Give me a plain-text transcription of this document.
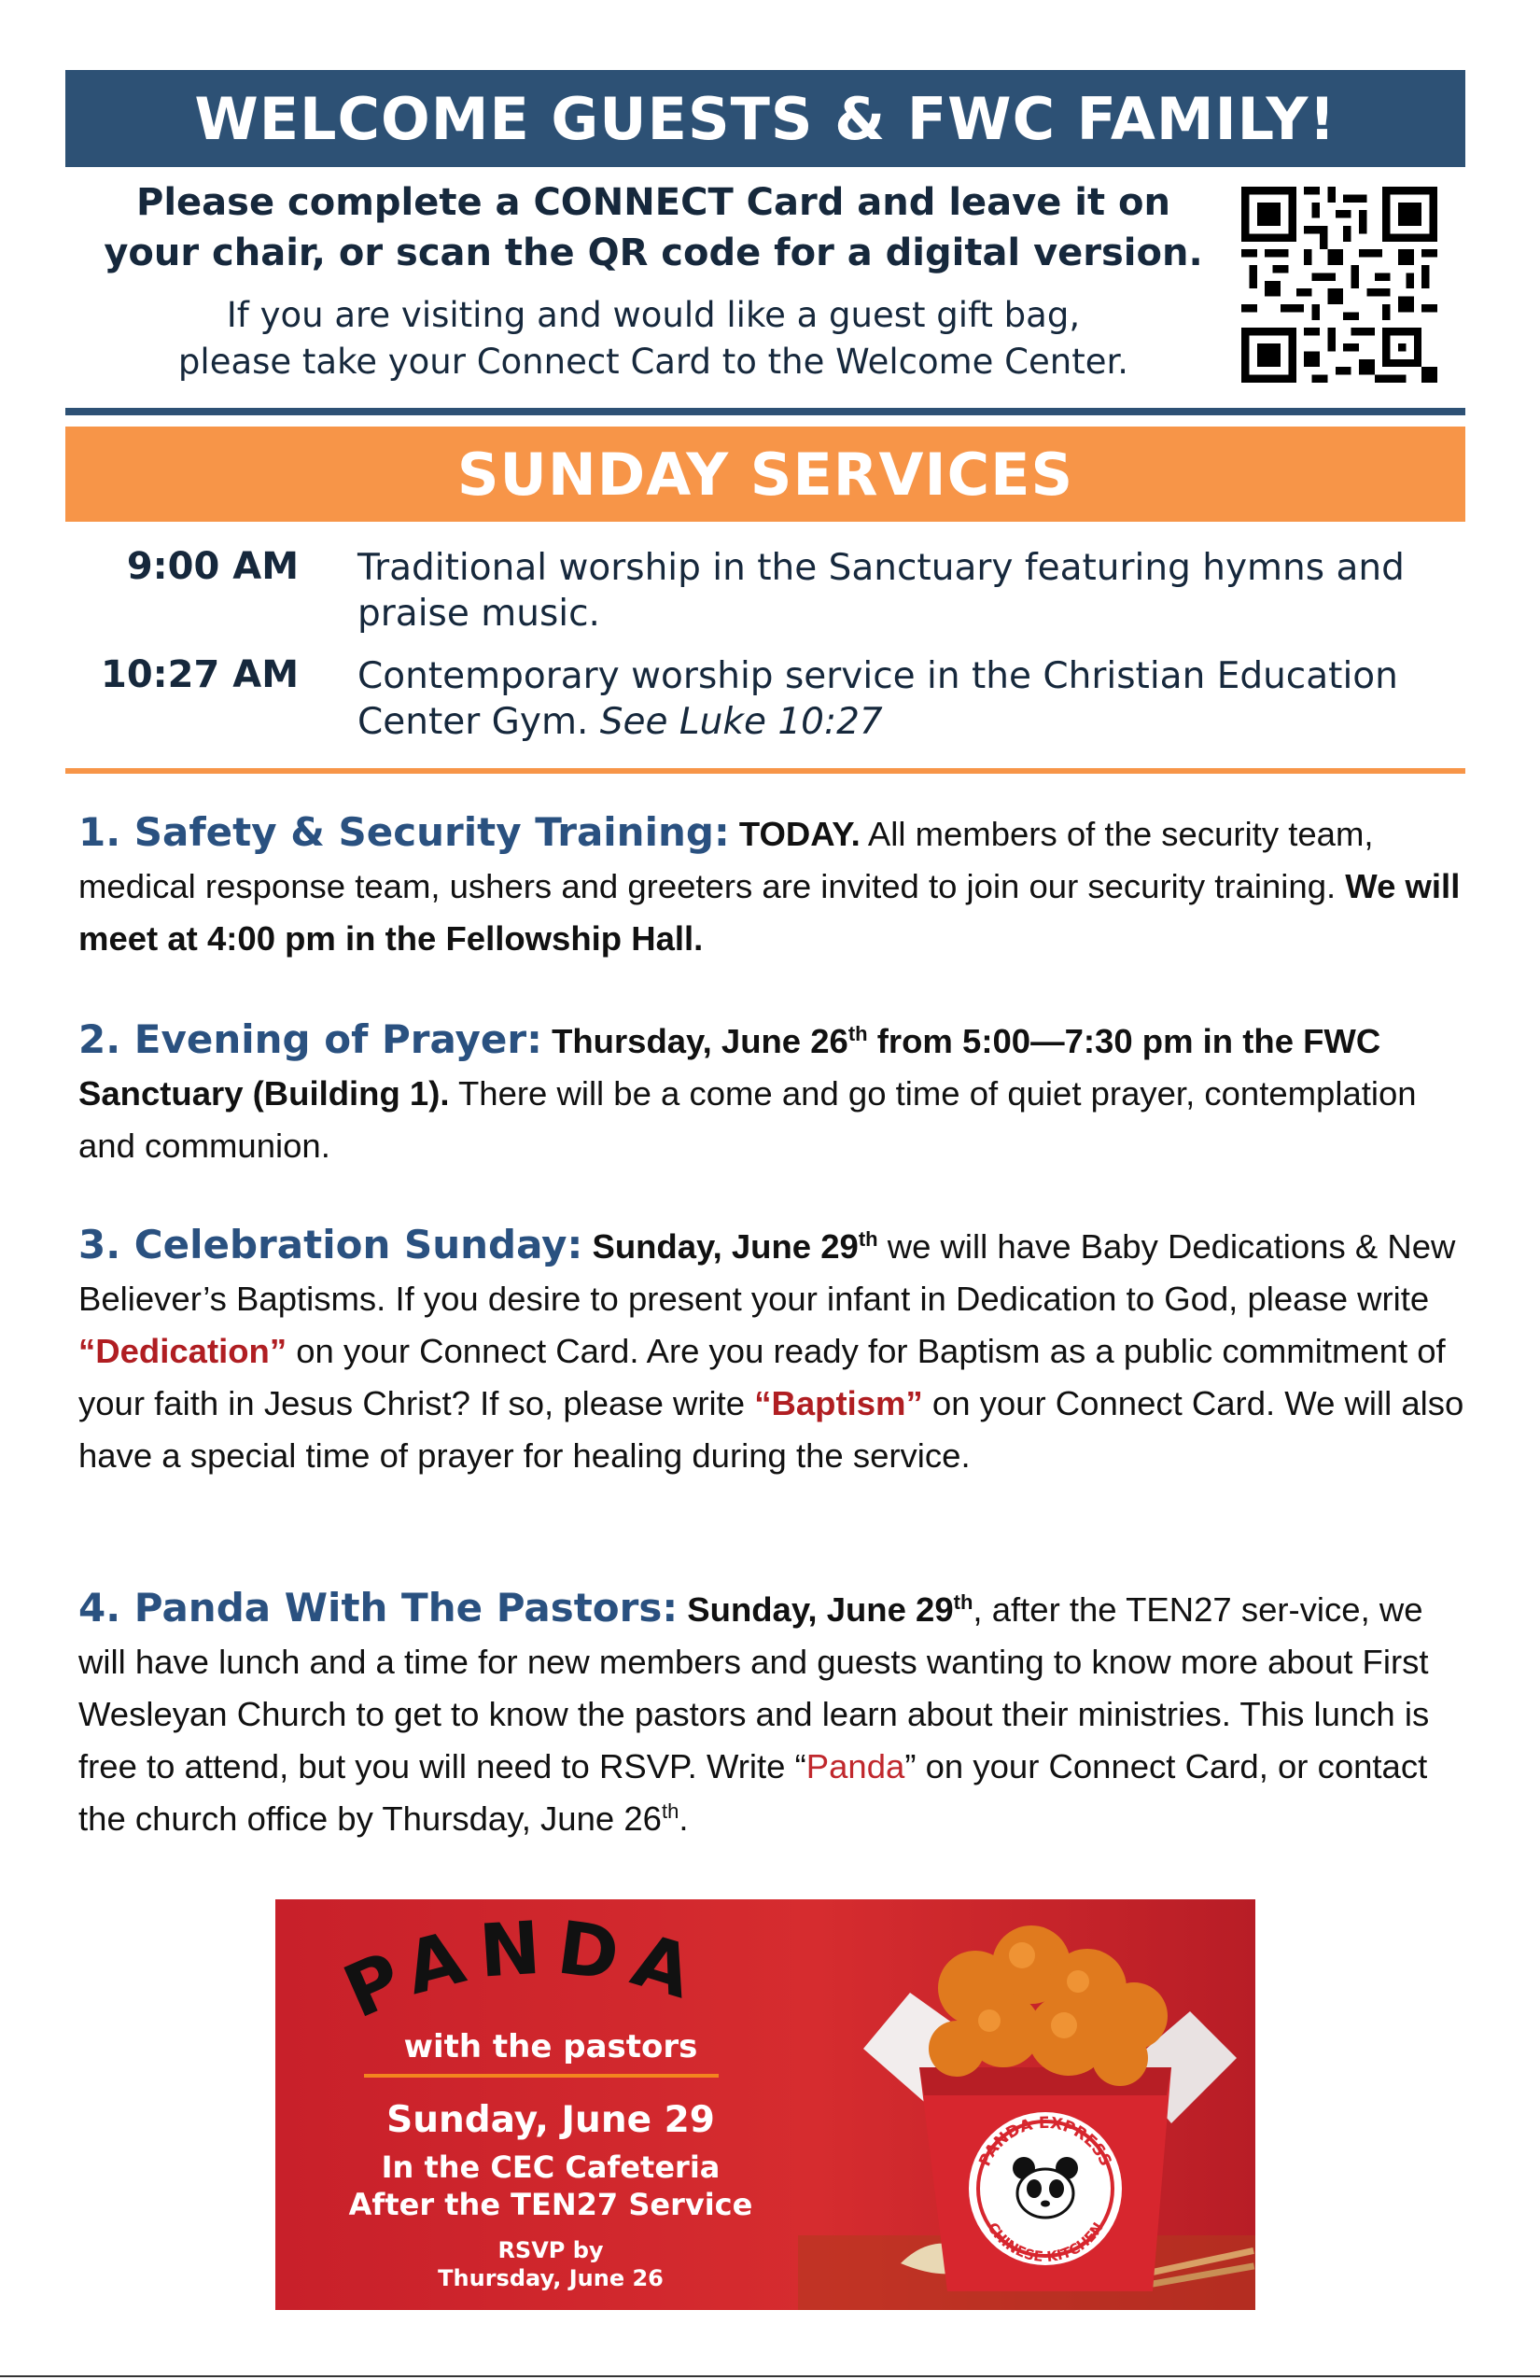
WELCOME GUESTS & FWC FAMILY!
Please complete a CONNECT Card and leave it on
your chair, or scan the QR code for a digital version.
If you are visiting and would like a guest gift bag,
please take your Connect Card to the Welcome Center.
SUNDAY SERVICES
9:00 AM Traditional worship in the Sanctuary featuring hymns and praise music.
10:27 AM Contemporary worship service in the Christian Education Center Gym. See Luke 10:27
1. Safety & Security Training: TODAY. All members of the security team, medical response team, ushers and greeters are invited to join our security training. We will meet at 4:00 pm in the Fellowship Hall.
2. Evening of Prayer: Thursday, June 26th from 5:00—7:30 pm in the FWC Sanctuary (Building 1). There will be a come and go time of quiet prayer, contemplation and communion.
3. Celebration Sunday: Sunday, June 29th we will have Baby Dedications & New Believer’s Baptisms. If you desire to present your infant in Dedication to God, please write “Dedication” on your Connect Card. Are you ready for Baptism as a public commitment of your faith in Jesus Christ? If so, please write “Baptism” on your Connect Card. We will also have a special time of prayer for healing during the service.
4. Panda With The Pastors: Sunday, June 29th, after the TEN27 ser-vice, we will have lunch and a time for new members and guests wanting to know more about First Wesleyan Church to get to know the pastors and learn about their ministries. This lunch is free to attend, but you will need to RSVP. Write “Panda” on your Connect Card, or contact the church office by Thursday, June 26th.
PANDA
with the pastors
Sunday, June 29
In the CEC Cafeteria
After the TEN27 Service
RSVP by
Thursday, June 26
PANDA EXPRESS
CHINESE KITCHEN
